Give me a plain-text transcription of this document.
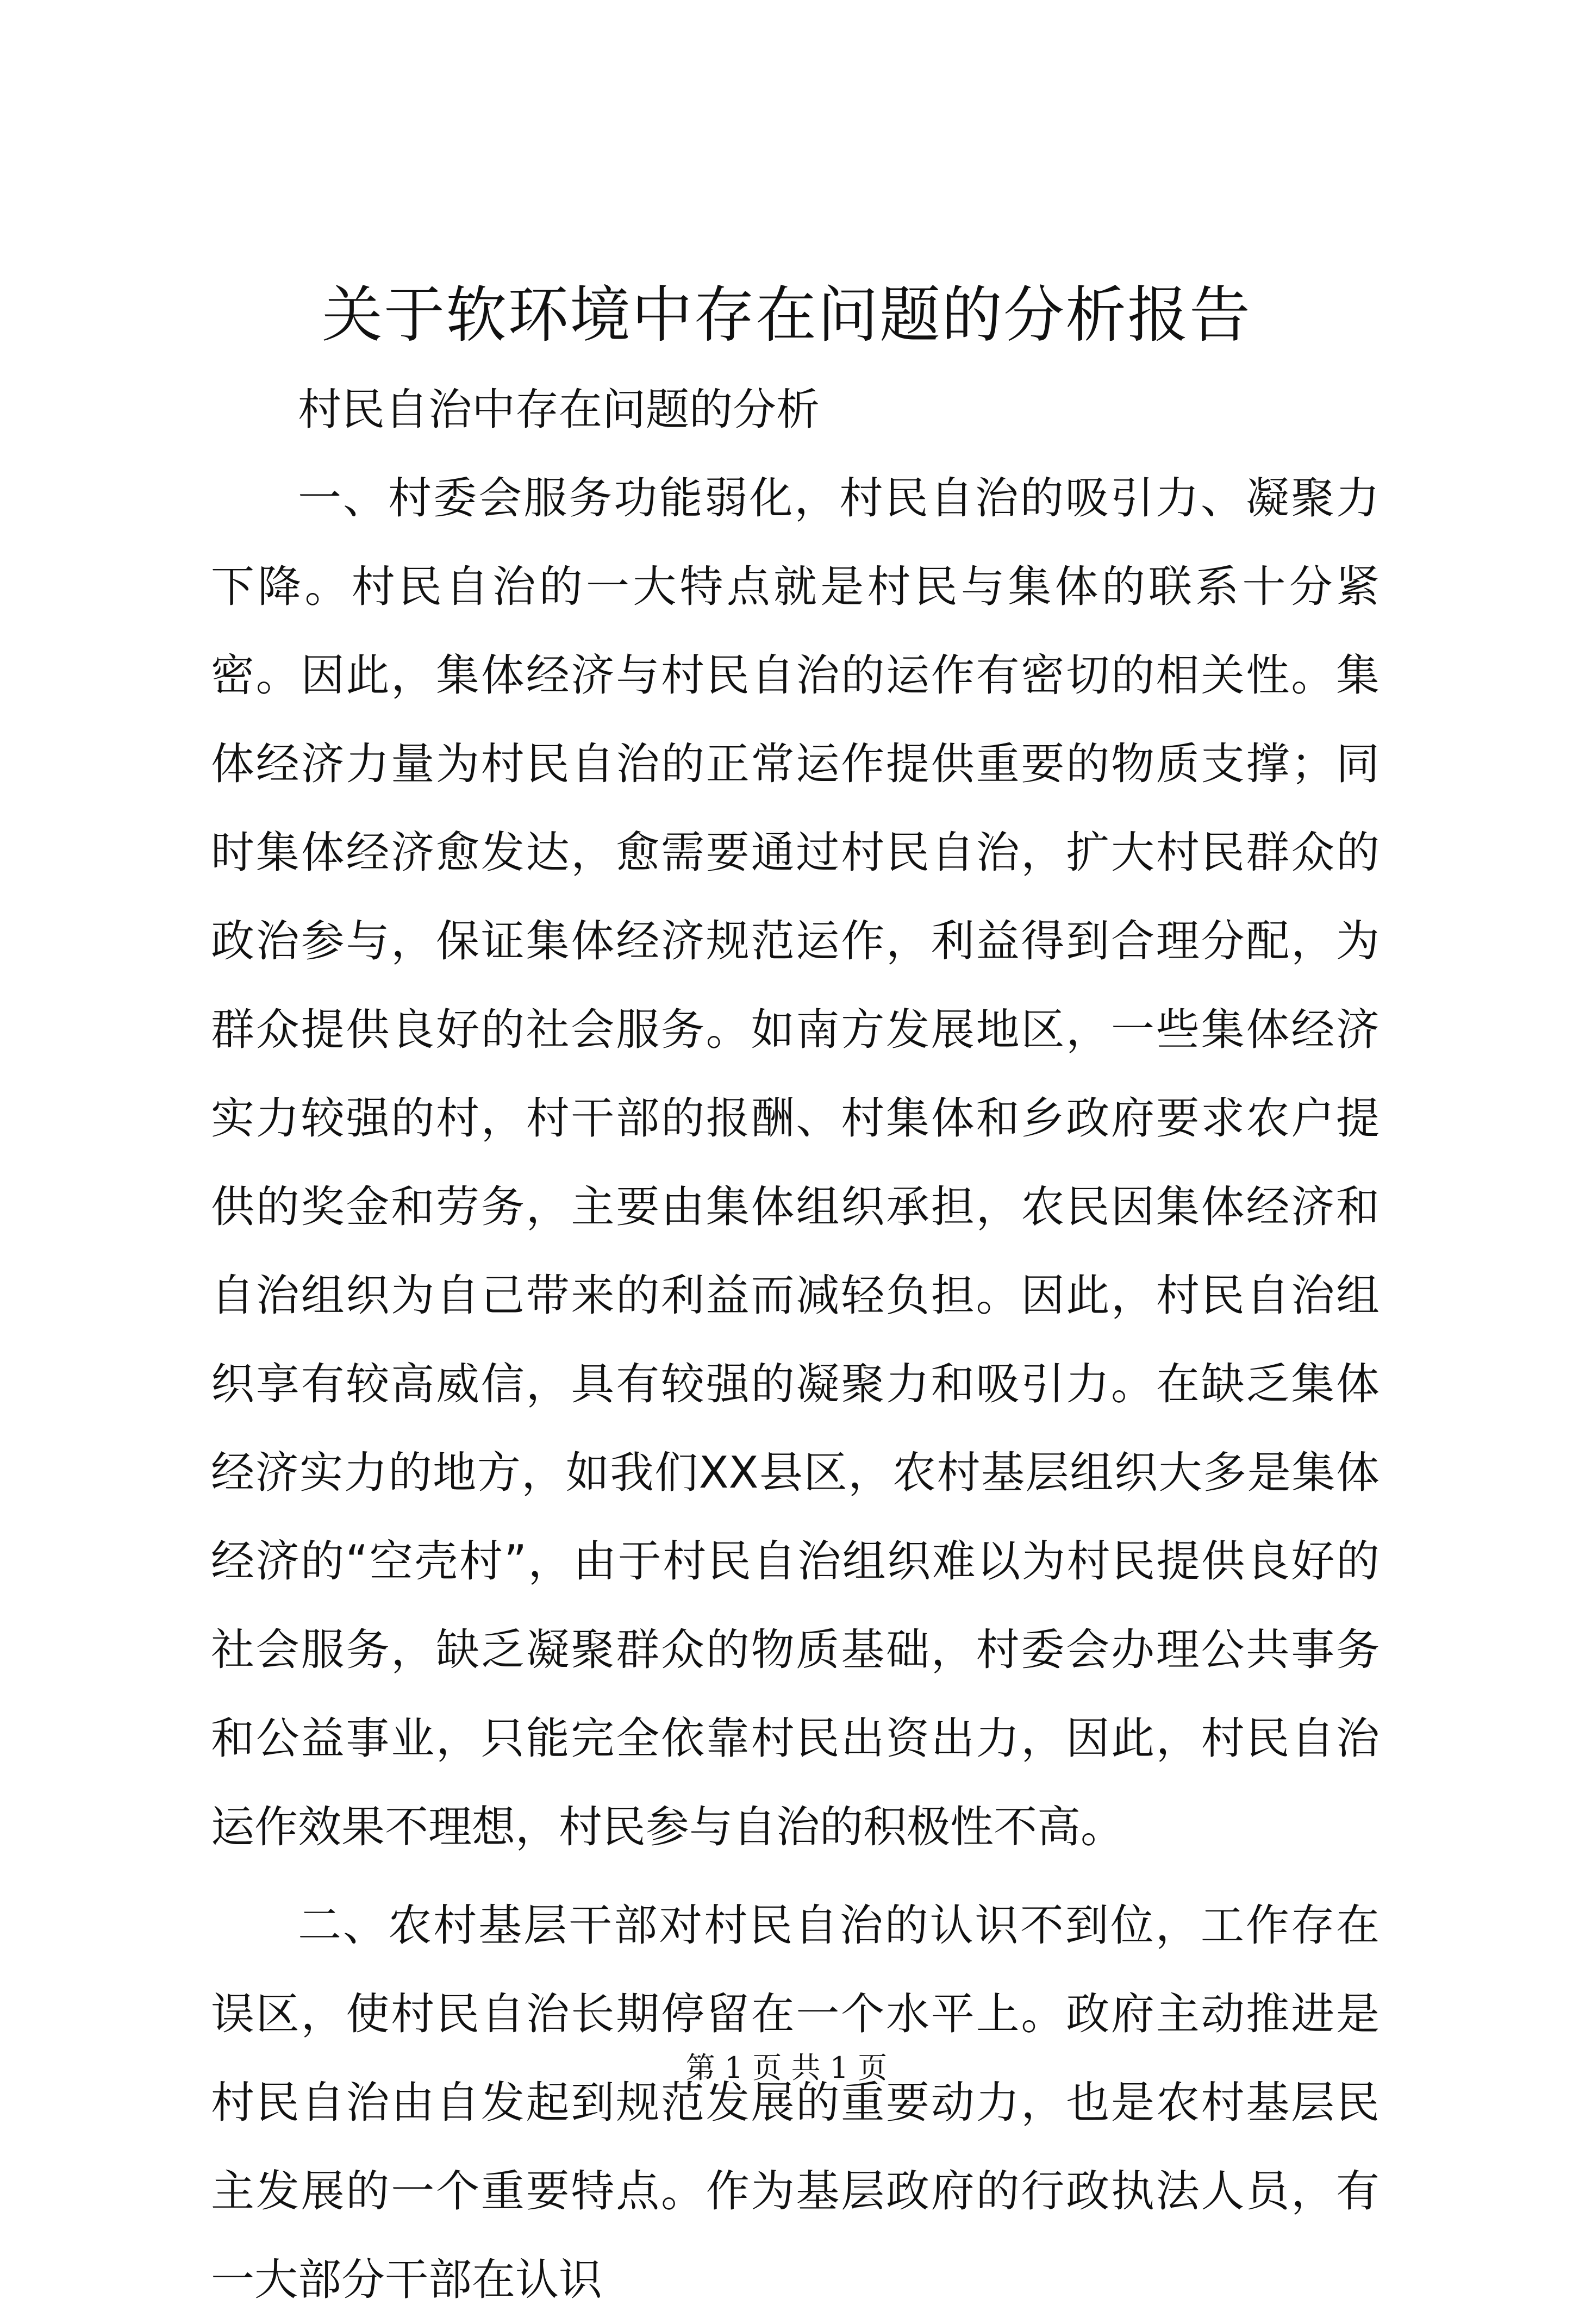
关于软环境中存在问题的分析报告

村民自治中存在问题的分析

一、村委会服务功能弱化，村民自治的吸引力、凝聚力下降。村民自治的一大特点就是村民与集体的联系十分紧密。因此，集体经济与村民自治的运作有密切的相关性。集体经济力量为村民自治的正常运作提供重要的物质支撑；同时集体经济愈发达，愈需要通过村民自治，扩大村民群众的政治参与，保证集体经济规范运作，利益得到合理分配，为群众提供良好的社会服务。如南方发展地区，一些集体经济实力较强的村，村干部的报酬、村集体和乡政府要求农户提供的奖金和劳务，主要由集体组织承担，农民因集体经济和自治组织为自己带来的利益而减轻负担。因此，村民自治组织享有较高威信，具有较强的凝聚力和吸引力。在缺乏集体经济实力的地方，如我们XX县区，农村基层组织大多是集体经济的“空壳村”，由于村民自治组织难以为村民提供良好的社会服务，缺乏凝聚群众的物质基础，村委会办理公共事务和公益事业，只能完全依靠村民出资出力，因此，村民自治运作效果不理想，村民参与自治的积极性不高。

二、农村基层干部对村民自治的认识不到位，工作存在误区，使村民自治长期停留在一个水平上。政府主动推进是村民自治由自发起到规范发展的重要动力，也是农村基层民主发展的一个重要特点。作为基层政府的行政执法人员，有一大部分干部在认识

第 1 页 共 1 页
